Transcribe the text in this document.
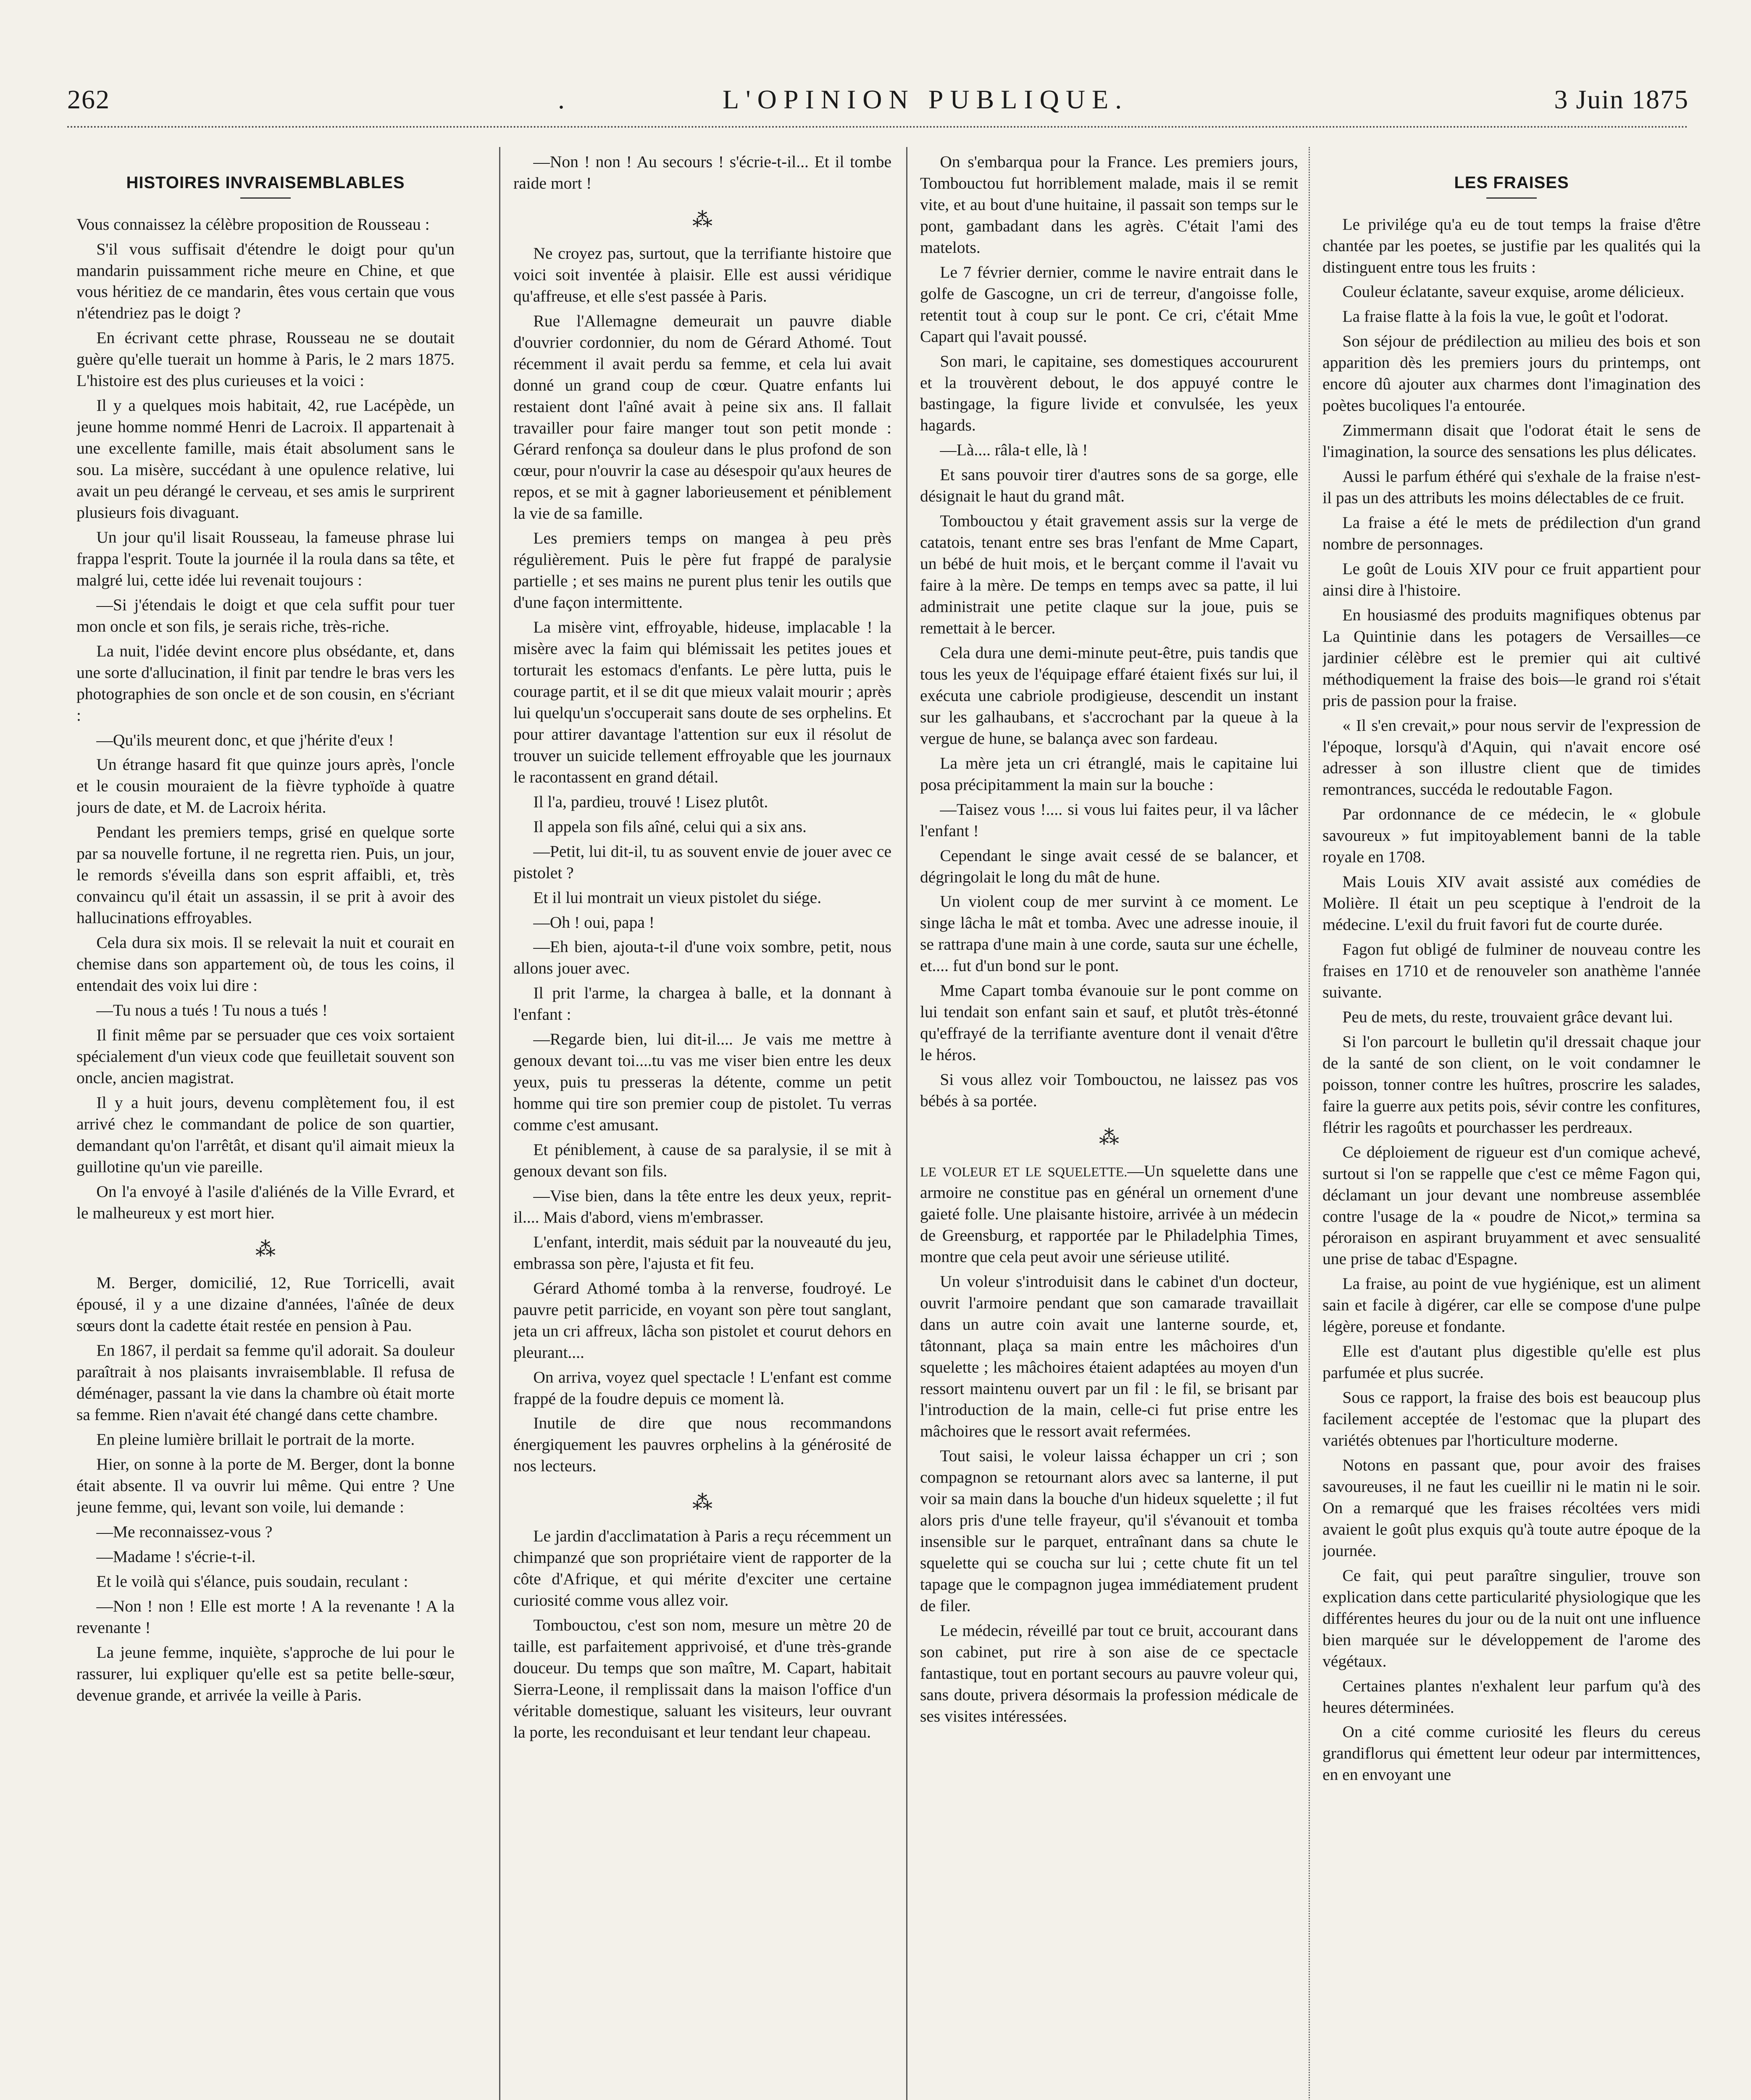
262	.	L'OPINION PUBLIQUE.	3 Juin 1875
HISTOIRES INVRAISEMBLABLES

Vous connaissez la célèbre proposition de Rousseau :

S'il vous suffisait d'étendre le doigt pour qu'un mandarin puissamment riche meure en Chine, et que vous héritiez de ce mandarin, êtes vous certain que vous n'étendriez pas le doigt ?

En écrivant cette phrase, Rousseau ne se doutait guère qu'elle tuerait un homme à Paris, le 2 mars 1875. L'histoire est des plus curieuses et la voici :

Il y a quelques mois habitait, 42, rue Lacépède, un jeune homme nommé Henri de Lacroix. Il appartenait à une excellente famille, mais était absolument sans le sou. La misère, succédant à une opulence relative, lui avait un peu dérangé le cerveau, et ses amis le surprirent plusieurs fois divaguant.

Un jour qu'il lisait Rousseau, la fameuse phrase lui frappa l'esprit. Toute la journée il la roula dans sa tête, et malgré lui, cette idée lui revenait toujours :

—Si j'étendais le doigt et que cela suffit pour tuer mon oncle et son fils, je serais riche, très-riche.

La nuit, l'idée devint encore plus obsédante, et, dans une sorte d'allucination, il finit par tendre le bras vers les photographies de son oncle et de son cousin, en s'écriant :

—Qu'ils meurent donc, et que j'hérite d'eux !

Un étrange hasard fit que quinze jours après, l'oncle et le cousin mouraient de la fièvre typhoïde à quatre jours de date, et M. de Lacroix hérita.

Pendant les premiers temps, grisé en quelque sorte par sa nouvelle fortune, il ne regretta rien. Puis, un jour, le remords s'éveilla dans son esprit affaibli, et, très convaincu qu'il était un assassin, il se prit à avoir des hallucinations effroyables.

Cela dura six mois. Il se relevait la nuit et courait en chemise dans son appartement où, de tous les coins, il entendait des voix lui dire :

—Tu nous a tués ! Tu nous a tués !

Il finit même par se persuader que ces voix sortaient spécialement d'un vieux code que feuilletait souvent son oncle, ancien magistrat.

Il y a huit jours, devenu complètement fou, il est arrivé chez le commandant de police de son quartier, demandant qu'on l'arrêtât, et disant qu'il aimait mieux la guillotine qu'un vie pareille.

On l'a envoyé à l'asile d'aliénés de la Ville Evrard, et le malheureux y est mort hier.

⁂

M. Berger, domicilié, 12, Rue Torricelli, avait épousé, il y a une dizaine d'années, l'aînée de deux sœurs dont la cadette était restée en pension à Pau.

En 1867, il perdait sa femme qu'il adorait. Sa douleur paraîtrait à nos plaisants invraisemblable. Il refusa de déménager, passant la vie dans la chambre où était morte sa femme. Rien n'avait été changé dans cette chambre.

En pleine lumière brillait le portrait de la morte.

Hier, on sonne à la porte de M. Berger, dont la bonne était absente. Il va ouvrir lui même. Qui entre ? Une jeune femme, qui, levant son voile, lui demande :

—Me reconnaissez-vous ?

—Madame ! s'écrie-t-il.

Et le voilà qui s'élance, puis soudain, reculant :

—Non ! non ! Elle est morte ! A la revenante ! A la revenante !

La jeune femme, inquiète, s'approche de lui pour le rassurer, lui expliquer qu'elle est sa petite belle-sœur, devenue grande, et arrivée la veille à Paris.

—Non ! non ! Au secours ! s'écrie-t-il... Et il tombe raide mort !

⁂

Ne croyez pas, surtout, que la terrifiante histoire que voici soit inventée à plaisir. Elle est aussi véridique qu'affreuse, et elle s'est passée à Paris.

Rue l'Allemagne demeurait un pauvre diable d'ouvrier cordonnier, du nom de Gérard Athomé. Tout récemment il avait perdu sa femme, et cela lui avait donné un grand coup de cœur. Quatre enfants lui restaient dont l'aîné avait à peine six ans. Il fallait travailler pour faire manger tout son petit monde : Gérard renfonça sa douleur dans le plus profond de son cœur, pour n'ouvrir la case au désespoir qu'aux heures de repos, et se mit à gagner laborieusement et péniblement la vie de sa famille.

Les premiers temps on mangea à peu près régulièrement. Puis le père fut frappé de paralysie partielle ; et ses mains ne purent plus tenir les outils que d'une façon intermittente.

La misère vint, effroyable, hideuse, implacable ! la misère avec la faim qui blémissait les petites joues et torturait les estomacs d'enfants. Le père lutta, puis le courage partit, et il se dit que mieux valait mourir ; après lui quelqu'un s'occuperait sans doute de ses orphelins. Et pour attirer davantage l'attention sur eux il résolut de trouver un suicide tellement effroyable que les journaux le racontassent en grand détail.

Il l'a, pardieu, trouvé ! Lisez plutôt.

Il appela son fils aîné, celui qui a six ans.

—Petit, lui dit-il, tu as souvent envie de jouer avec ce pistolet ?

Et il lui montrait un vieux pistolet du siége.

—Oh ! oui, papa !

—Eh bien, ajouta-t-il d'une voix sombre, petit, nous allons jouer avec.

Il prit l'arme, la chargea à balle, et la donnant à l'enfant :

—Regarde bien, lui dit-il.... Je vais me mettre à genoux devant toi....tu vas me viser bien entre les deux yeux, puis tu presseras la détente, comme un petit homme qui tire son premier coup de pistolet. Tu verras comme c'est amusant.

Et péniblement, à cause de sa paralysie, il se mit à genoux devant son fils.

—Vise bien, dans la tête entre les deux yeux, reprit-il.... Mais d'abord, viens m'embrasser.

L'enfant, interdit, mais séduit par la nouveauté du jeu, embrassa son père, l'ajusta et fit feu.

Gérard Athomé tomba à la renverse, foudroyé. Le pauvre petit parricide, en voyant son père tout sanglant, jeta un cri affreux, lâcha son pistolet et courut dehors en pleurant....

On arriva, voyez quel spectacle ! L'enfant est comme frappé de la foudre depuis ce moment là.

Inutile de dire que nous recommandons énergiquement les pauvres orphelins à la générosité de nos lecteurs.

⁂

Le jardin d'acclimatation à Paris a reçu récemment un chimpanzé que son propriétaire vient de rapporter de la côte d'Afrique, et qui mérite d'exciter une certaine curiosité comme vous allez voir.

Tombouctou, c'est son nom, mesure un mètre 20 de taille, est parfaitement apprivoisé, et d'une très-grande douceur. Du temps que son maître, M. Capart, habitait Sierra-Leone, il remplissait dans la maison l'office d'un véritable domestique, saluant les visiteurs, leur ouvrant la porte, les reconduisant et leur tendant leur chapeau.

On s'embarqua pour la France. Les premiers jours, Tombouctou fut horriblement malade, mais il se remit vite, et au bout d'une huitaine, il passait son temps sur le pont, gambadant dans les agrès. C'était l'ami des matelots.

Le 7 février dernier, comme le navire entrait dans le golfe de Gascogne, un cri de terreur, d'angoisse folle, retentit tout à coup sur le pont. Ce cri, c'était Mme Capart qui l'avait poussé.

Son mari, le capitaine, ses domestiques accoururent et la trouvèrent debout, le dos appuyé contre le bastingage, la figure livide et convulsée, les yeux hagards.

—Là.... râla-t elle, là !

Et sans pouvoir tirer d'autres sons de sa gorge, elle désignait le haut du grand mât.

Tombouctou y était gravement assis sur la verge de catatois, tenant entre ses bras l'enfant de Mme Capart, un bébé de huit mois, et le berçant comme il l'avait vu faire à la mère. De temps en temps avec sa patte, il lui administrait une petite claque sur la joue, puis se remettait à le bercer.

Cela dura une demi-minute peut-être, puis tandis que tous les yeux de l'équipage effaré étaient fixés sur lui, il exécuta une cabriole prodigieuse, descendit un instant sur les galhaubans, et s'accrochant par la queue à la vergue de hune, se balança avec son fardeau.

La mère jeta un cri étranglé, mais le capitaine lui posa précipitamment la main sur la bouche :

—Taisez vous !.... si vous lui faites peur, il va lâcher l'enfant !

Cependant le singe avait cessé de se balancer, et dégringolait le long du mât de hune.

Un violent coup de mer survint à ce moment. Le singe lâcha le mât et tomba. Avec une adresse inouie, il se rattrapa d'une main à une corde, sauta sur une échelle, et.... fut d'un bond sur le pont.

Mme Capart tomba évanouie sur le pont comme on lui tendait son enfant sain et sauf, et plutôt très-étonné qu'effrayé de la terrifiante aventure dont il venait d'être le héros.

Si vous allez voir Tombouctou, ne laissez pas vos bébés à sa portée.

⁂

LE VOLEUR ET LE SQUELETTE.—Un squelette dans une armoire ne constitue pas en général un ornement d'une gaieté folle. Une plaisante histoire, arrivée à un médecin de Greensburg, et rapportée par le Philadelphia Times, montre que cela peut avoir une sérieuse utilité.

Un voleur s'introduisit dans le cabinet d'un docteur, ouvrit l'armoire pendant que son camarade travaillait dans un autre coin avait une lanterne sourde, et, tâtonnant, plaça sa main entre les mâchoires d'un squelette ; les mâchoires étaient adaptées au moyen d'un ressort maintenu ouvert par un fil : le fil, se brisant par l'introduction de la main, celle-ci fut prise entre les mâchoires que le ressort avait refermées.

Tout saisi, le voleur laissa échapper un cri ; son compagnon se retournant alors avec sa lanterne, il put voir sa main dans la bouche d'un hideux squelette ; il fut alors pris d'une telle frayeur, qu'il s'évanouit et tomba insensible sur le parquet, entraînant dans sa chute le squelette qui se coucha sur lui ; cette chute fit un tel tapage que le compagnon jugea immédiatement prudent de filer.

Le médecin, réveillé par tout ce bruit, accourant dans son cabinet, put rire à son aise de ce spectacle fantastique, tout en portant secours au pauvre voleur qui, sans doute, privera désormais la profession médicale de ses visites intéressées.

LES FRAISES

Le privilége qu'a eu de tout temps la fraise d'être chantée par les poetes, se justifie par les qualités qui la distinguent entre tous les fruits :

Couleur éclatante, saveur exquise, arome délicieux.

La fraise flatte à la fois la vue, le goût et l'odorat.

Son séjour de prédilection au milieu des bois et son apparition dès les premiers jours du printemps, ont encore dû ajouter aux charmes dont l'imagination des poètes bucoliques l'a entourée.

Zimmermann disait que l'odorat était le sens de l'imagination, la source des sensations les plus délicates.

Aussi le parfum éthéré qui s'exhale de la fraise n'est-il pas un des attributs les moins délectables de ce fruit.

La fraise a été le mets de prédilection d'un grand nombre de personnages.

Le goût de Louis XIV pour ce fruit appartient pour ainsi dire à l'histoire.

En housiasmé des produits magnifiques obtenus par La Quintinie dans les potagers de Versailles—ce jardinier célèbre est le premier qui ait cultivé méthodiquement la fraise des bois—le grand roi s'était pris de passion pour la fraise.

« Il s'en crevait,» pour nous servir de l'expression de l'époque, lorsqu'à d'Aquin, qui n'avait encore osé adresser à son illustre client que de timides remontrances, succéda le redoutable Fagon.

Par ordonnance de ce médecin, le « globule savoureux » fut impitoyablement banni de la table royale en 1708.

Mais Louis XIV avait assisté aux comédies de Molière. Il était un peu sceptique à l'endroit de la médecine. L'exil du fruit favori fut de courte durée.

Fagon fut obligé de fulminer de nouveau contre les fraises en 1710 et de renouveler son anathème l'année suivante.

Peu de mets, du reste, trouvaient grâce devant lui.

Si l'on parcourt le bulletin qu'il dressait chaque jour de la santé de son client, on le voit condamner le poisson, tonner contre les huîtres, proscrire les salades, faire la guerre aux petits pois, sévir contre les confitures, flétrir les ragoûts et pourchasser les perdreaux.

Ce déploiement de rigueur est d'un comique achevé, surtout si l'on se rappelle que c'est ce même Fagon qui, déclamant un jour devant une nombreuse assemblée contre l'usage de la « poudre de Nicot,» termina sa péroraison en aspirant bruyamment et avec sensualité une prise de tabac d'Espagne.

La fraise, au point de vue hygiénique, est un aliment sain et facile à digérer, car elle se compose d'une pulpe légère, poreuse et fondante.

Elle est d'autant plus digestible qu'elle est plus parfumée et plus sucrée.

Sous ce rapport, la fraise des bois est beaucoup plus facilement acceptée de l'estomac que la plupart des variétés obtenues par l'horticulture moderne.

Notons en passant que, pour avoir des fraises savoureuses, il ne faut les cueillir ni le matin ni le soir. On a remarqué que les fraises récoltées vers midi avaient le goût plus exquis qu'à toute autre époque de la journée.

Ce fait, qui peut paraître singulier, trouve son explication dans cette particularité physiologique que les différentes heures du jour ou de la nuit ont une influence bien marquée sur le développement de l'arome des végétaux.

Certaines plantes n'exhalent leur parfum qu'à des heures déterminées.

On a cité comme curiosité les fleurs du cereus grandiflorus qui émettent leur odeur par intermittences, en en envoyant une
